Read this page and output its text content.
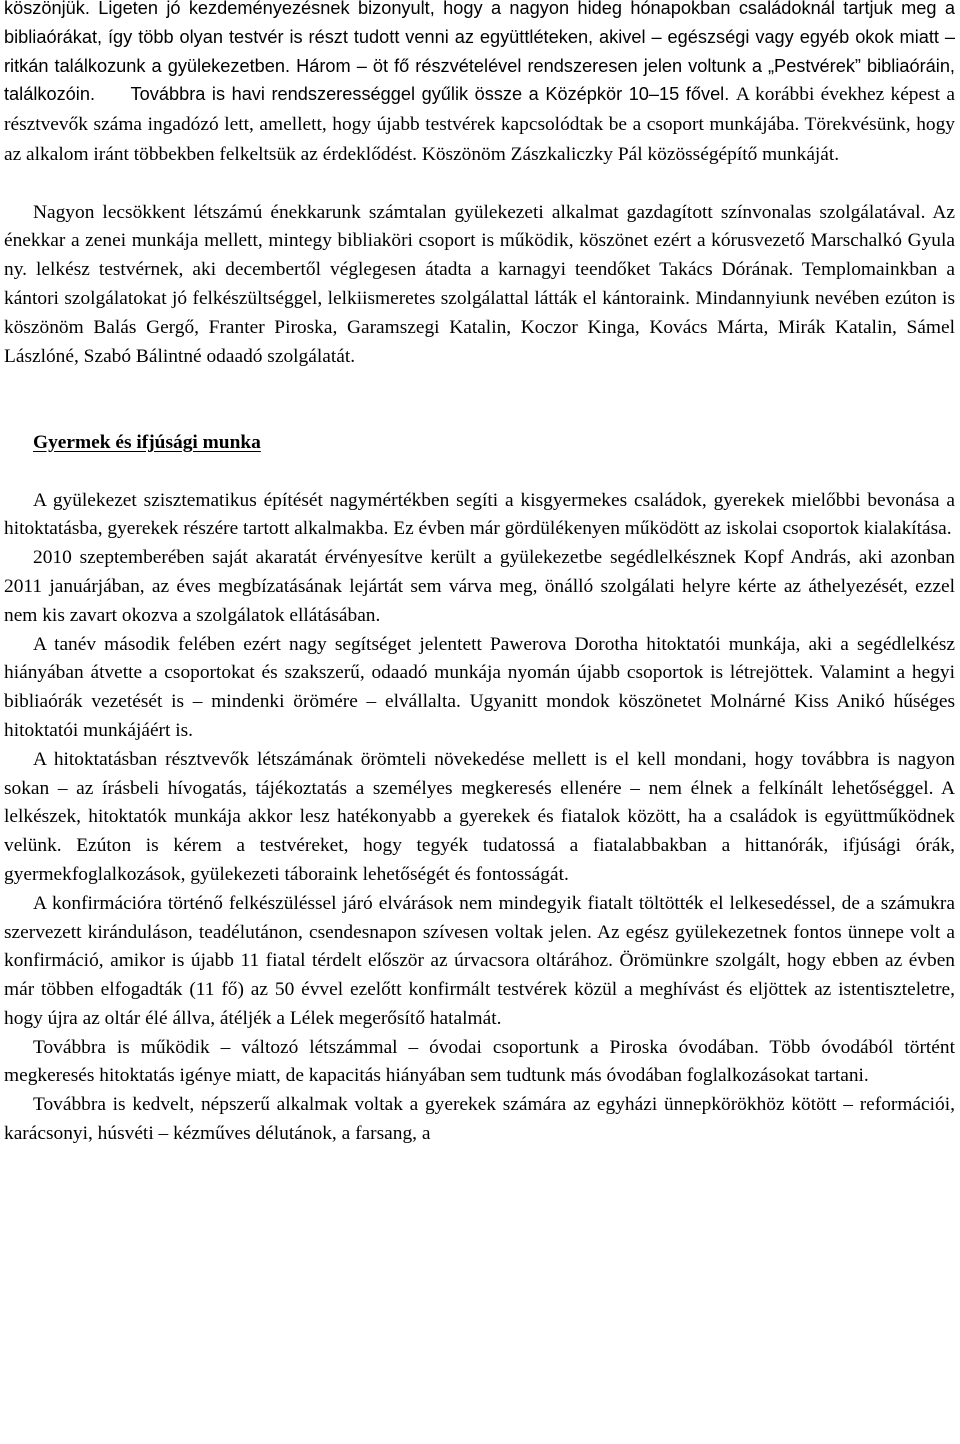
köszönjük. Ligeten jó kezdeményezésnek bizonyult, hogy a nagyon hideg hónapokban családoknál tartjuk meg a bibliaórákat, így több olyan testvér is részt tudott venni az együttléteken, akivel – egészségi vagy egyéb okok miatt – ritkán találkozunk a gyülekezetben. Három – öt fő részvételével rendszeresen jelen voltunk a „Pestvérek” bibliaóráin, találkozóin. Továbbra is havi rendszerességgel gyűlik össze a Középkör 10–15 fővel. A korábbi évekhez képest a résztvevők száma ingadózó lett, amellett, hogy újabb testvérek kapcsolódtak be a csoport munkájába. Törekvésünk, hogy az alkalom iránt többekben felkeltsük az érdeklődést. Köszönöm Zászkaliczky Pál közösségépítő munkáját.

Nagyon lecsökkent létszámú énekkarunk számtalan gyülekezeti alkalmat gazdagított színvonalas szolgálatával. Az énekkar a zenei munkája mellett, mintegy bibliaköri csoport is működik, köszönet ezért a kórusvezető Marschalkó Gyula ny. lelkész testvérnek, aki decembertől véglegesen átadta a karnagyi teendőket Takács Dórának. Templomainkban a kántori szolgálatokat jó felkészültséggel, lelkiismeretes szolgálattal látták el kántoraink. Mindannyiunk nevében ezúton is köszönöm Balás Gergő, Franter Piroska, Garamszegi Katalin, Koczor Kinga, Kovács Márta, Mirák Katalin, Sámel Lászlóné, Szabó Bálintné odaadó szolgálatát.

Gyermek és ifjúsági munka

A gyülekezet szisztematikus építését nagymértékben segíti a kisgyermekes családok, gyerekek mielőbbi bevonása a hitoktatásba, gyerekek részére tartott alkalmakba. Ez évben már gördülékenyen működött az iskolai csoportok kialakítása.

2010 szeptemberében saját akaratát érvényesítve került a gyülekezetbe segédlelkésznek Kopf András, aki azonban 2011 januárjában, az éves megbízatásának lejártát sem várva meg, önálló szolgálati helyre kérte az áthelyezését, ezzel nem kis zavart okozva a szolgálatok ellátásában.

A tanév második felében ezért nagy segítséget jelentett Pawerova Dorotha hitoktatói munkája, aki a segédlelkész hiányában átvette a csoportokat és szakszerű, odaadó munkája nyomán újabb csoportok is létrejöttek. Valamint a hegyi bibliaórák vezetését is – mindenki örömére – elvállalta. Ugyanitt mondok köszönetet Molnárné Kiss Anikó hűséges hitoktatói munkájáért is.

A hitoktatásban résztvevők létszámának örömteli növekedése mellett is el kell mondani, hogy továbbra is nagyon sokan – az írásbeli hívogatás, tájékoztatás a személyes megkeresés ellenére – nem élnek a felkínált lehetőséggel. A lelkészek, hitoktatók munkája akkor lesz hatékonyabb a gyerekek és fiatalok között, ha a családok is együttműködnek velünk. Ezúton is kérem a testvéreket, hogy tegyék tudatossá a fiatalabbakban a hittanórák, ifjúsági órák, gyermekfoglalkozások, gyülekezeti táboraink lehetőségét és fontosságát.

A konfirmációra történő felkészüléssel járó elvárások nem mindegyik fiatalt töltötték el lelkesedéssel, de a számukra szervezett kiránduláson, teadélutánon, csendesnapon szívesen voltak jelen. Az egész gyülekezetnek fontos ünnepe volt a konfirmáció, amikor is újabb 11 fiatal térdelt először az úrvacsora oltárához. Örömünkre szolgált, hogy ebben az évben már többen elfogadták (11 fő) az 50 évvel ezelőtt konfirmált testvérek közül a meghívást és eljöttek az istentiszteletre, hogy újra az oltár élé állva, átéljék a Lélek megerősítő hatalmát.

Továbbra is működik – változó létszámmal – óvodai csoportunk a Piroska óvodában. Több óvodából történt megkeresés hitoktatás igénye miatt, de kapacitás hiányában sem tudtunk más óvodában foglalkozásokat tartani.

Továbbra is kedvelt, népszerű alkalmak voltak a gyerekek számára az egyházi ünnepkörökhöz kötött – reformációi, karácsonyi, húsvéti – kézműves délutánok, a farsang, a
